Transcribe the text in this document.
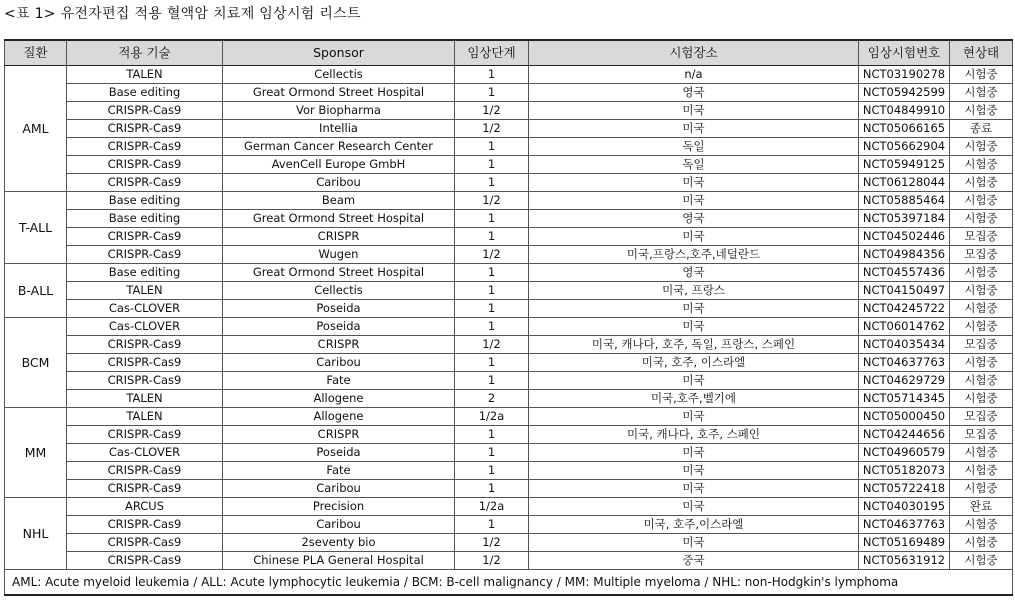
<표 1> 유전자편집 적용 혈액암 치료제 임상시험 리스트
질환	적용 기술	Sponsor	임상단계	시험장소	임상시험번호	현상태
AML	TALEN	Cellectis	1	n/a	NCT03190278	시험중
	Base editing	Great Ormond Street Hospital	1	영국	NCT05942599	시험중
	CRISPR-Cas9	Vor Biopharma	1/2	미국	NCT04849910	시험중
	CRISPR-Cas9	Intellia	1/2	미국	NCT05066165	종료
	CRISPR-Cas9	German Cancer Research Center	1	독일	NCT05662904	시험중
	CRISPR-Cas9	AvenCell Europe GmbH	1	독일	NCT05949125	시험중
	CRISPR-Cas9	Caribou	1	미국	NCT06128044	시험중
T-ALL	Base editing	Beam	1/2	미국	NCT05885464	시험중
	Base editing	Great Ormond Street Hospital	1	영국	NCT05397184	시험중
	CRISPR-Cas9	CRISPR	1	미국	NCT04502446	모집중
	CRISPR-Cas9	Wugen	1/2	미국,프랑스,호주,네덜란드	NCT04984356	모집중
B-ALL	Base editing	Great Ormond Street Hospital	1	영국	NCT04557436	시험중
	TALEN	Cellectis	1	미국, 프랑스	NCT04150497	시험중
	Cas-CLOVER	Poseida	1	미국	NCT04245722	시험중
BCM	Cas-CLOVER	Poseida	1	미국	NCT06014762	시험중
	CRISPR-Cas9	CRISPR	1/2	미국, 캐나다, 호주, 독일, 프랑스, 스페인	NCT04035434	모집중
	CRISPR-Cas9	Caribou	1	미국, 호주, 이스라엘	NCT04637763	시험중
	CRISPR-Cas9	Fate	1	미국	NCT04629729	시험중
	TALEN	Allogene	2	미국,호주,벨기에	NCT05714345	시험중
MM	TALEN	Allogene	1/2a	미국	NCT05000450	모집중
	CRISPR-Cas9	CRISPR	1	미국, 캐나다, 호주, 스페인	NCT04244656	모집중
	Cas-CLOVER	Poseida	1	미국	NCT04960579	시험중
	CRISPR-Cas9	Fate	1	미국	NCT05182073	시험중
	CRISPR-Cas9	Caribou	1	미국	NCT05722418	시험중
NHL	ARCUS	Precision	1/2a	미국	NCT04030195	완료
	CRISPR-Cas9	Caribou	1	미국, 호주,이스라엘	NCT04637763	시험중
	CRISPR-Cas9	2seventy bio	1/2	미국	NCT05169489	시험중
	CRISPR-Cas9	Chinese PLA General Hospital	1/2	중국	NCT05631912	시험중
AML: Acute myeloid leukemia / ALL: Acute lymphocytic leukemia / BCM: B-cell malignancy / MM: Multiple myeloma / NHL: non-Hodgkin's lymphoma						
